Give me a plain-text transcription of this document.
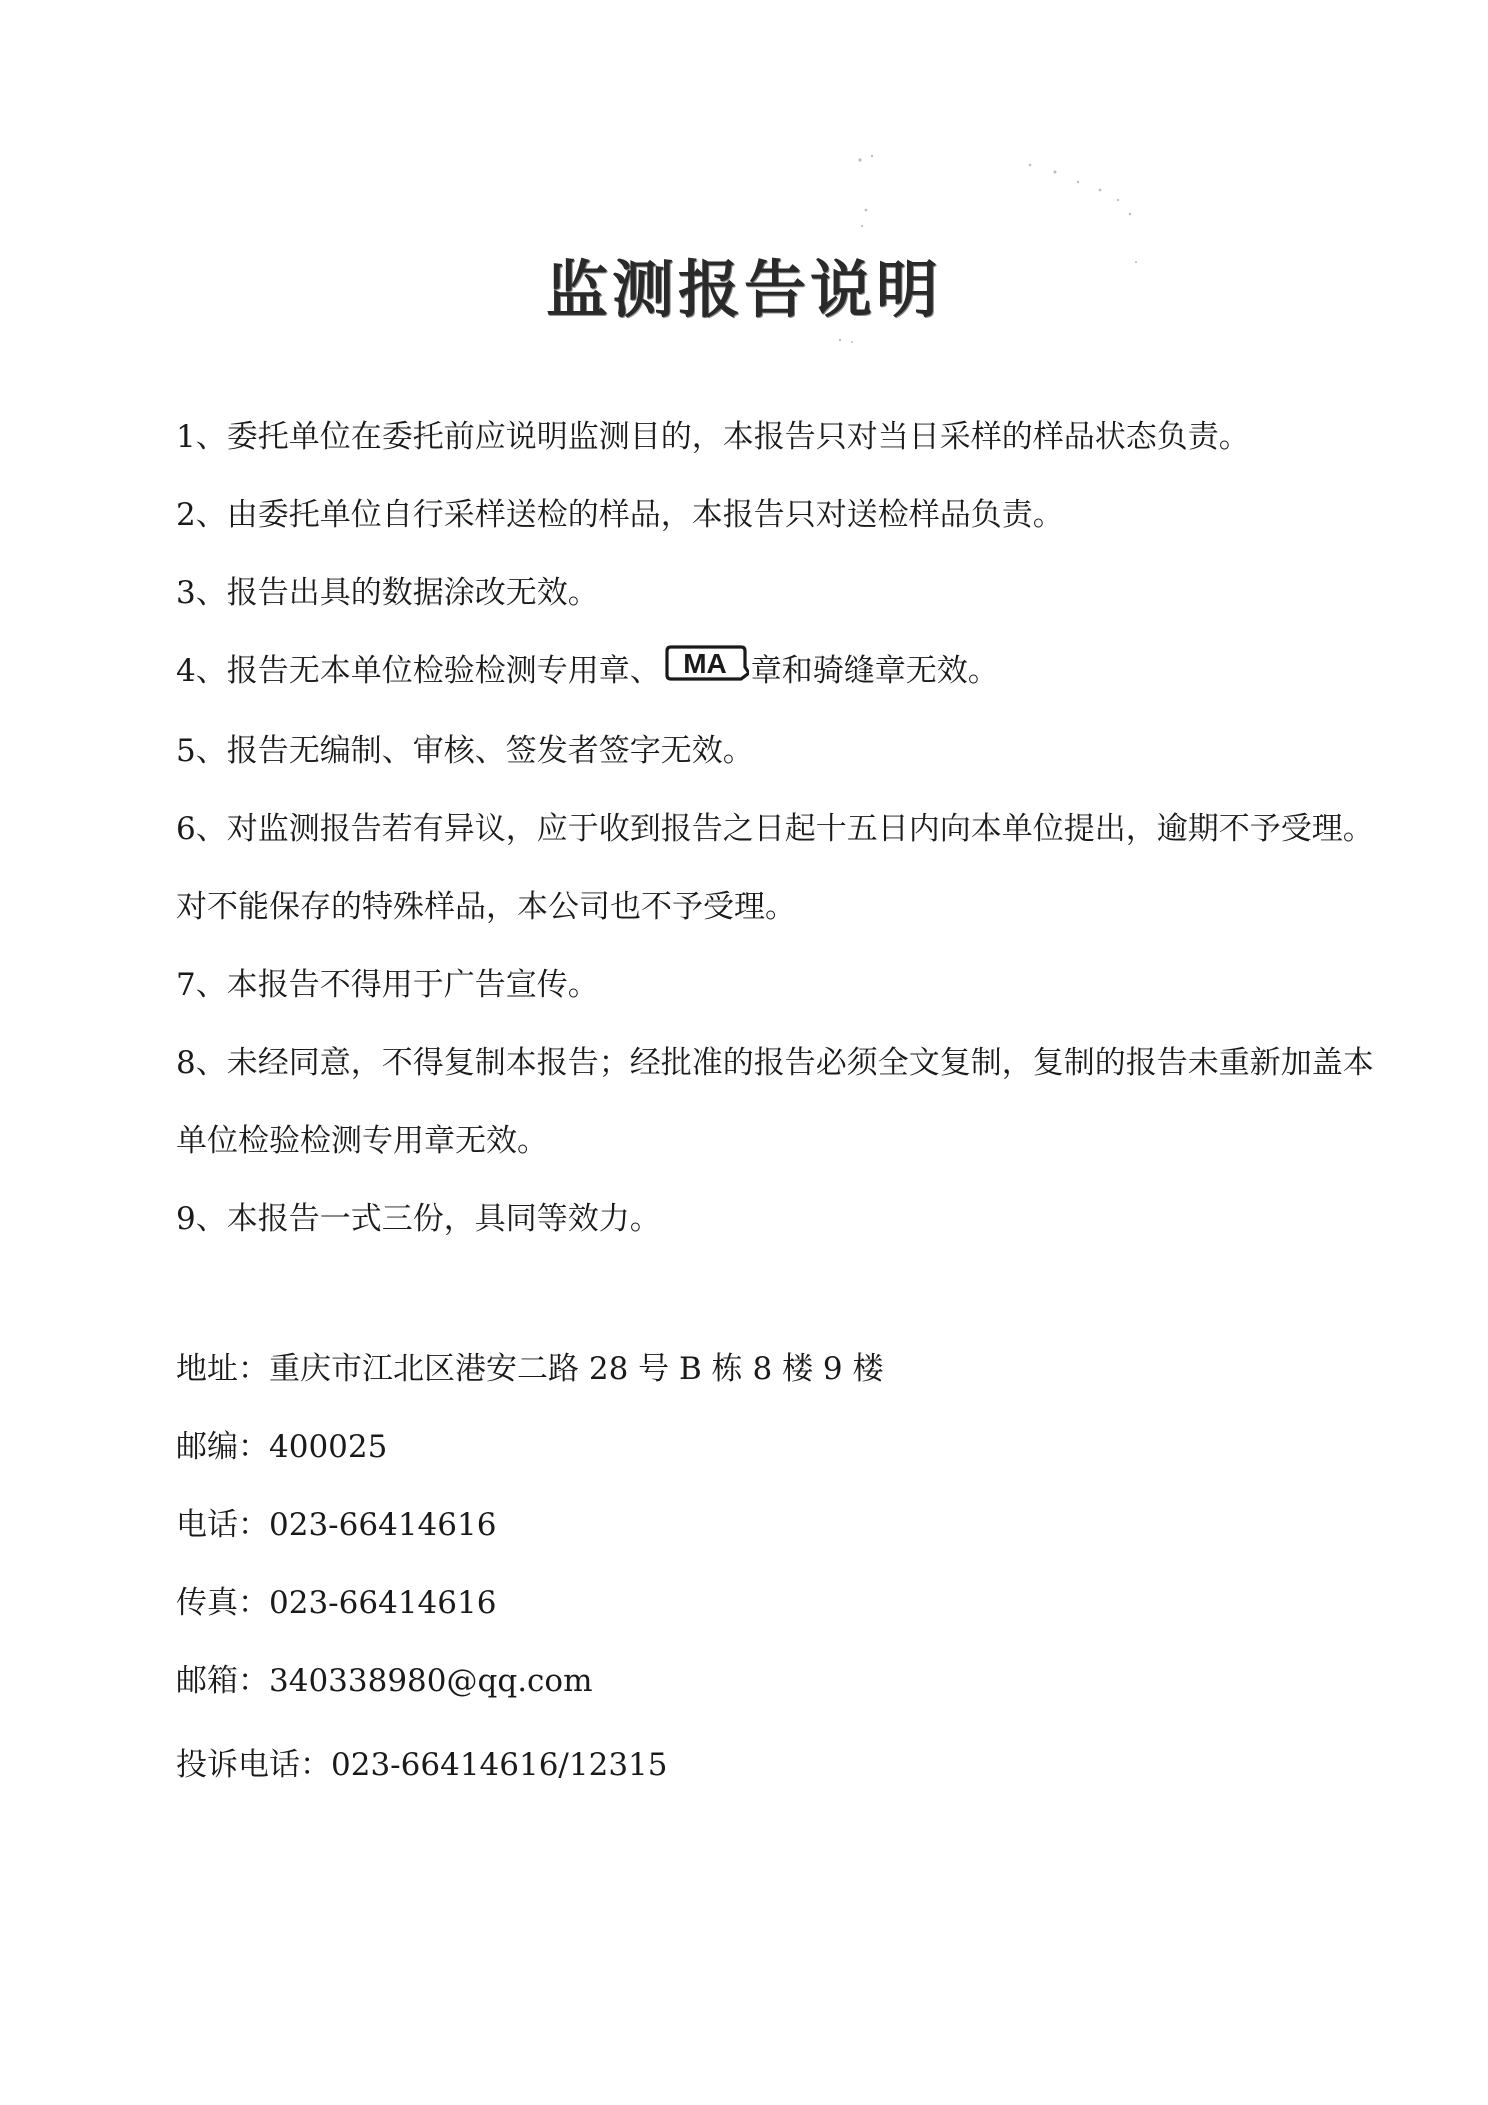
监测报告说明
1、委托单位在委托前应说明监测目的，本报告只对当日采样的样品状态负责。
2、由委托单位自行采样送检的样品，本报告只对送检样品负责。
3、报告出具的数据涂改无效。
4、报告无本单位检验检测专用章、 MA 章和骑缝章无效。
5、报告无编制、审核、签发者签字无效。
6、对监测报告若有异议，应于收到报告之日起十五日内向本单位提出，逾期不予受理。对不能保存的特殊样品，本公司也不予受理。
7、本报告不得用于广告宣传。
8、未经同意，不得复制本报告；经批准的报告必须全文复制，复制的报告未重新加盖本单位检验检测专用章无效。
9、本报告一式三份，具同等效力。
地址：重庆市江北区港安二路 28 号 B 栋 8 楼 9 楼
邮编：400025
电话：023-66414616
传真：023-66414616
邮箱：340338980@qq.com
投诉电话：023-66414616/12315
